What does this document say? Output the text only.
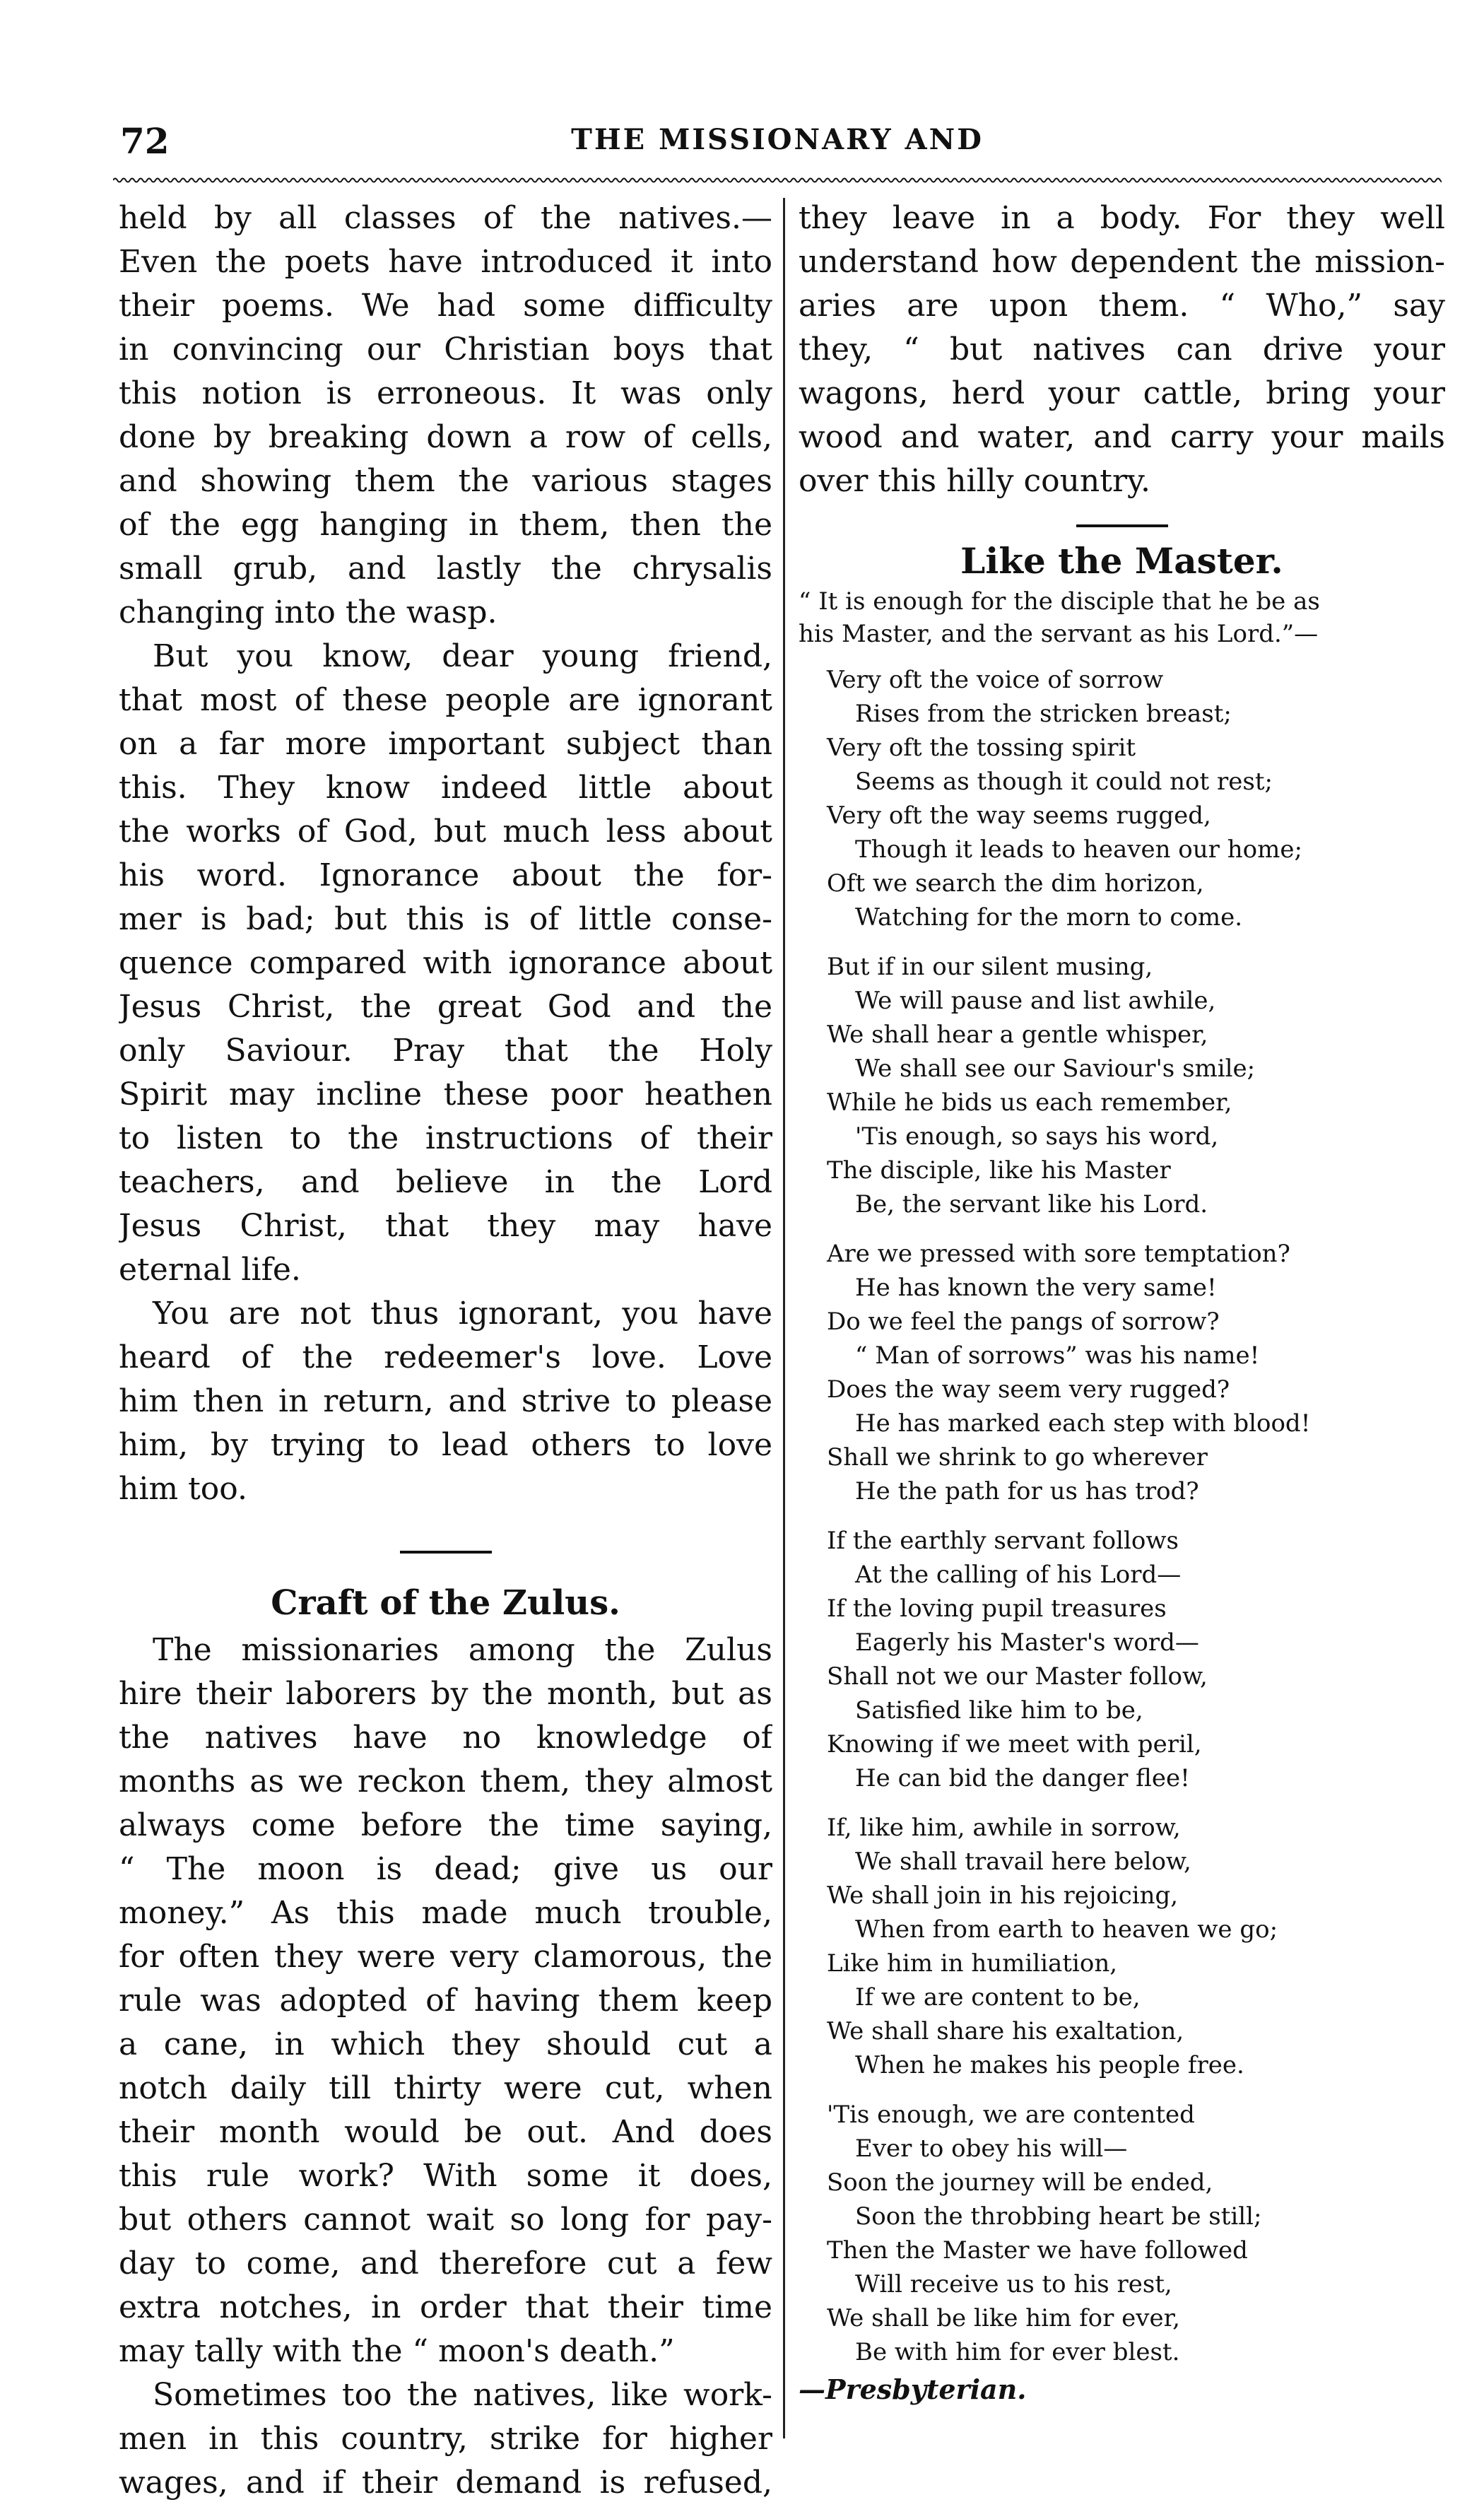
72	THE MISSIONARY AND
held by all classes of the natives.—
Even the poets have introduced it into
their poems. We had some difficulty
in convincing our Christian boys that
this notion is erroneous. It was only
done by breaking down a row of cells,
and showing them the various stages
of the egg hanging in them, then the
small grub, and lastly the chrysalis
changing into the wasp.
But you know, dear young friend,
that most of these people are ignorant
on a far more important subject than
this. They know indeed little about
the works of God, but much less about
his word. Ignorance about the for-
mer is bad; but this is of little conse-
quence compared with ignorance about
Jesus Christ, the great God and the
only Saviour. Pray that the Holy
Spirit may incline these poor heathen
to listen to the instructions of their
teachers, and believe in the Lord
Jesus Christ, that they may have
eternal life.
You are not thus ignorant, you have
heard of the redeemer's love. Love
him then in return, and strive to please
him, by trying to lead others to love
him too.
Craft of the Zulus.
The missionaries among the Zulus
hire their laborers by the month, but as
the natives have no knowledge of
months as we reckon them, they almost
always come before the time saying,
“ The moon is dead; give us our
money.” As this made much trouble,
for often they were very clamorous, the
rule was adopted of having them keep
a cane, in which they should cut a
notch daily till thirty were cut, when
their month would be out. And does
this rule work? With some it does,
but others cannot wait so long for pay-
day to come, and therefore cut a few
extra notches, in order that their time
may tally with the “ moon's death.”
Sometimes too the natives, like work-
men in this country, strike for higher
wages, and if their demand is refused,
they leave in a body. For they well
understand how dependent the mission-
aries are upon them. “ Who,” say
they, “ but natives can drive your
wagons, herd your cattle, bring your
wood and water, and carry your mails
over this hilly country.
Like the Master.
“ It is enough for the disciple that he be as
his Master, and the servant as his Lord.”—
Very oft the voice of sorrow
Rises from the stricken breast;
Very oft the tossing spirit
Seems as though it could not rest;
Very oft the way seems rugged,
Though it leads to heaven our home;
Oft we search the dim horizon,
Watching for the morn to come.
But if in our silent musing,
We will pause and list awhile,
We shall hear a gentle whisper,
We shall see our Saviour's smile;
While he bids us each remember,
'Tis enough, so says his word,
The disciple, like his Master
Be, the servant like his Lord.
Are we pressed with sore temptation?
He has known the very same!
Do we feel the pangs of sorrow?
“ Man of sorrows” was his name!
Does the way seem very rugged?
He has marked each step with blood!
Shall we shrink to go wherever
He the path for us has trod?
If the earthly servant follows
At the calling of his Lord—
If the loving pupil treasures
Eagerly his Master's word—
Shall not we our Master follow,
Satisfied like him to be,
Knowing if we meet with peril,
He can bid the danger flee!
If, like him, awhile in sorrow,
We shall travail here below,
We shall join in his rejoicing,
When from earth to heaven we go;
Like him in humiliation,
If we are content to be,
We shall share his exaltation,
When he makes his people free.
'Tis enough, we are contented
Ever to obey his will—
Soon the journey will be ended,
Soon the throbbing heart be still;
Then the Master we have followed
Will receive us to his rest,
We shall be like him for ever,
Be with him for ever blest.
—Presbyterian.
